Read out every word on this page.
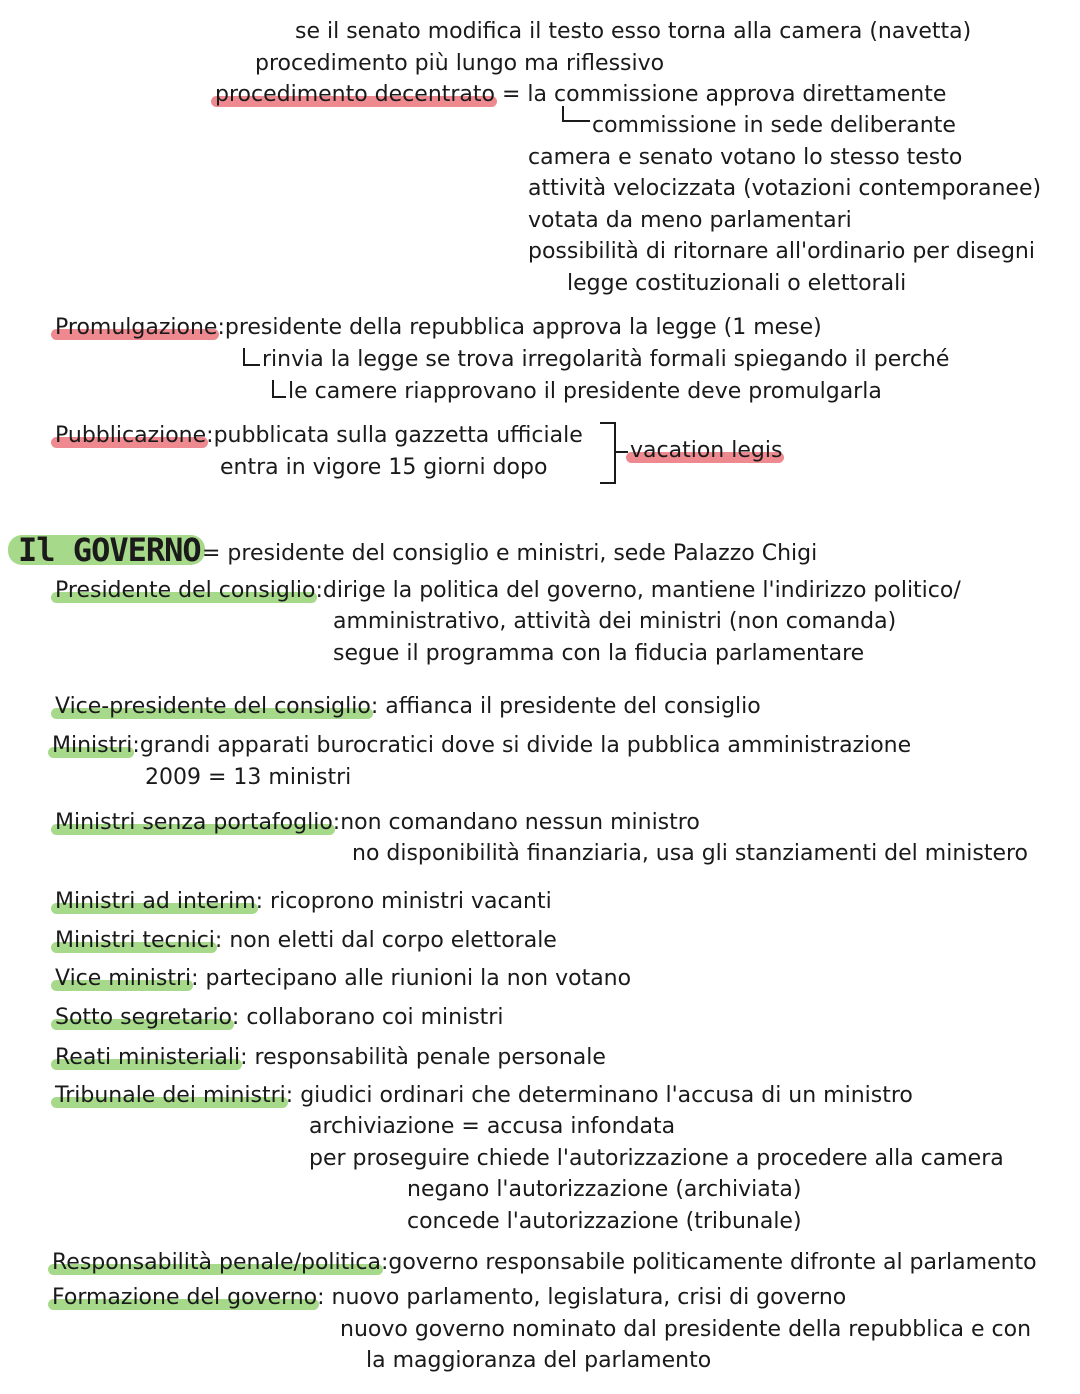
se il senato modifica il testo esso torna alla camera (navetta)
procedimento più lungo ma riflessivo
procedimento decentrato = la commissione approva direttamente
commissione in sede deliberante
camera e senato votano lo stesso testo
attività velocizzata (votazioni contemporanee)
votata da meno parlamentari
possibilità di ritornare all'ordinario per disegni
legge costituzionali o elettorali
Promulgazione:presidente della repubblica approva la legge (1 mese)
rinvia la legge se trova irregolarità formali spiegando il perché
le camere riapprovano il presidente deve promulgarla
Pubblicazione:pubblicata sulla gazzetta ufficiale
entra in vigore 15 giorni dopo
vacation legis
Il GOVERNO = presidente del consiglio e ministri, sede Palazzo Chigi
Presidente del consiglio:dirige la politica del governo, mantiene l'indirizzo politico/
amministrativo, attività dei ministri (non comanda)
segue il programma con la fiducia parlamentare
Vice-presidente del consiglio: affianca il presidente del consiglio
Ministri:grandi apparati burocratici dove si divide la pubblica amministrazione
2009 = 13 ministri
Ministri senza portafoglio:non comandano nessun ministro
no disponibilità finanziaria, usa gli stanziamenti del ministero
Ministri ad interim: ricoprono ministri vacanti
Ministri tecnici: non eletti dal corpo elettorale
Vice ministri: partecipano alle riunioni la non votano
Sotto segretario: collaborano coi ministri
Reati ministeriali: responsabilità penale personale
Tribunale dei ministri: giudici ordinari che determinano l'accusa di un ministro
archiviazione = accusa infondata
per proseguire chiede l'autorizzazione a procedere alla camera
negano l'autorizzazione (archiviata)
concede l'autorizzazione (tribunale)
Responsabilità penale/politica:governo responsabile politicamente difronte al parlamento
Formazione del governo: nuovo parlamento, legislatura, crisi di governo
nuovo governo nominato dal presidente della repubblica e con
la maggioranza del parlamento
